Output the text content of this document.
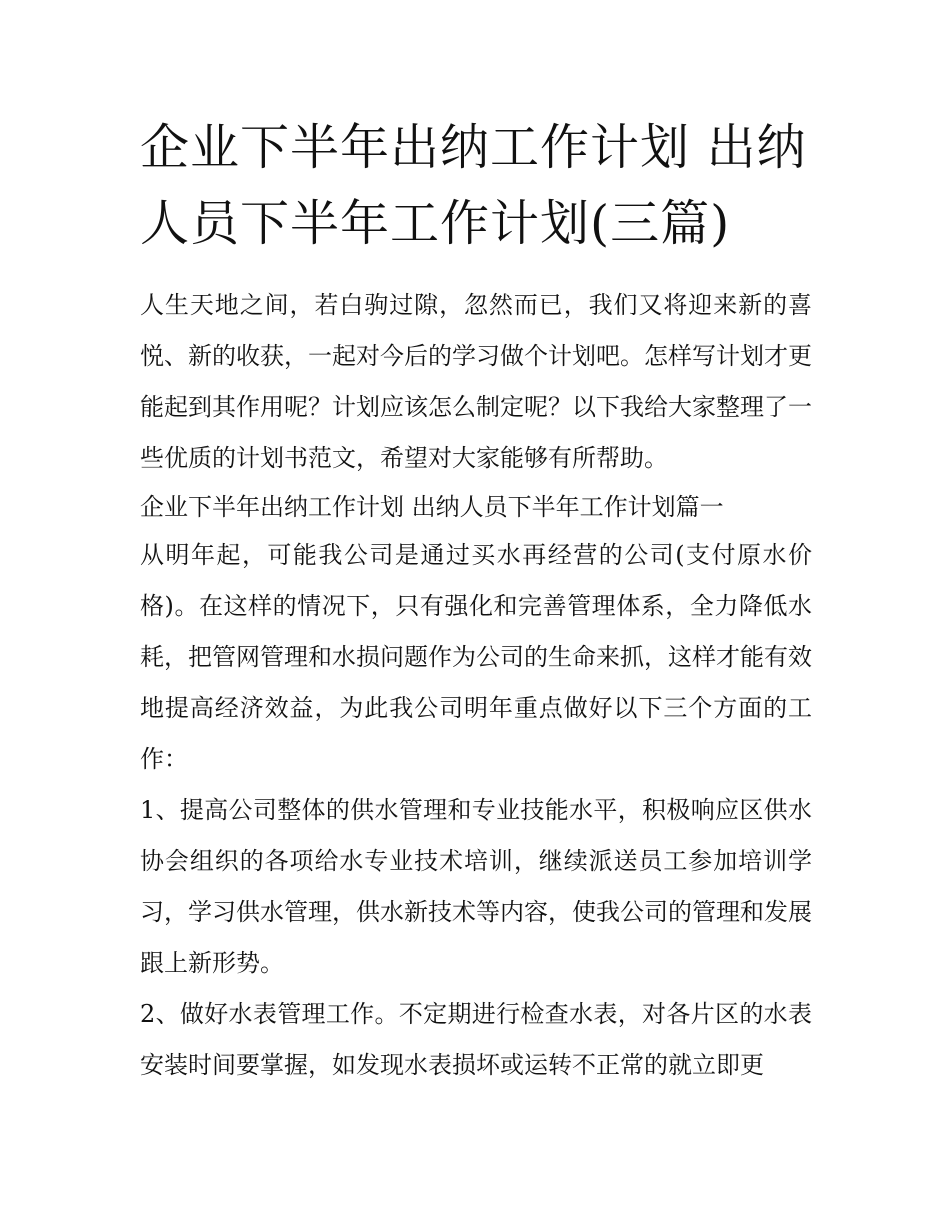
企业下半年出纳工作计划 出纳人员下半年工作计划(三篇)

人生天地之间，若白驹过隙，忽然而已，我们又将迎来新的喜悦、新的收获，一起对今后的学习做个计划吧。怎样写计划才更能起到其作用呢？计划应该怎么制定呢？以下我给大家整理了一些优质的计划书范文，希望对大家能够有所帮助。

企业下半年出纳工作计划 出纳人员下半年工作计划篇一

从明年起，可能我公司是通过买水再经营的公司(支付原水价格)。在这样的情况下，只有强化和完善管理体系，全力降低水耗，把管网管理和水损问题作为公司的生命来抓，这样才能有效地提高经济效益，为此我公司明年重点做好以下三个方面的工作：

1、提高公司整体的供水管理和专业技能水平，积极响应区供水协会组织的各项给水专业技术培训，继续派送员工参加培训学习，学习供水管理，供水新技术等内容，使我公司的管理和发展跟上新形势。

2、做好水表管理工作。不定期进行检查水表，对各片区的水表安装时间要掌握，如发现水表损坏或运转不正常的就立即更
